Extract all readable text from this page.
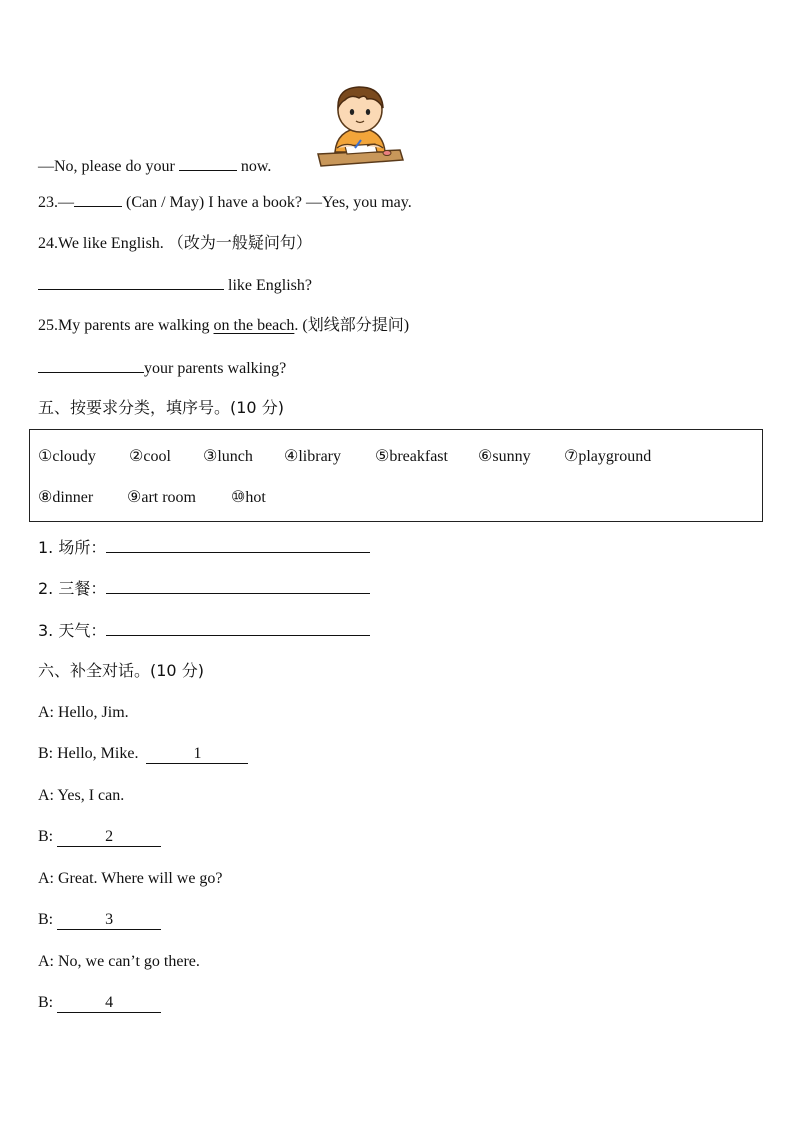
—No, please do your	now.
23.—	(Can / May) I have a book? —Yes, you may.
24.We like English. （改为一般疑问句）
like English?
25.My parents are walking on the beach. (划线部分提问)
your parents walking?
五、按要求分类，填序号。(10 分)
①cloudy ②cool ③lunch ④library ⑤breakfast ⑥sunny ⑦playground
⑧dinner ⑨art room ⑩hot
1. 场所：
2. 三餐：
3. 天气：
六、补全对话。(10 分)
A: Hello, Jim.
B: Hello, Mike.	1
A: Yes, I can.
B:	2
A: Great. Where will we go?
B:	3
A: No, we can’t go there.
B:	4
